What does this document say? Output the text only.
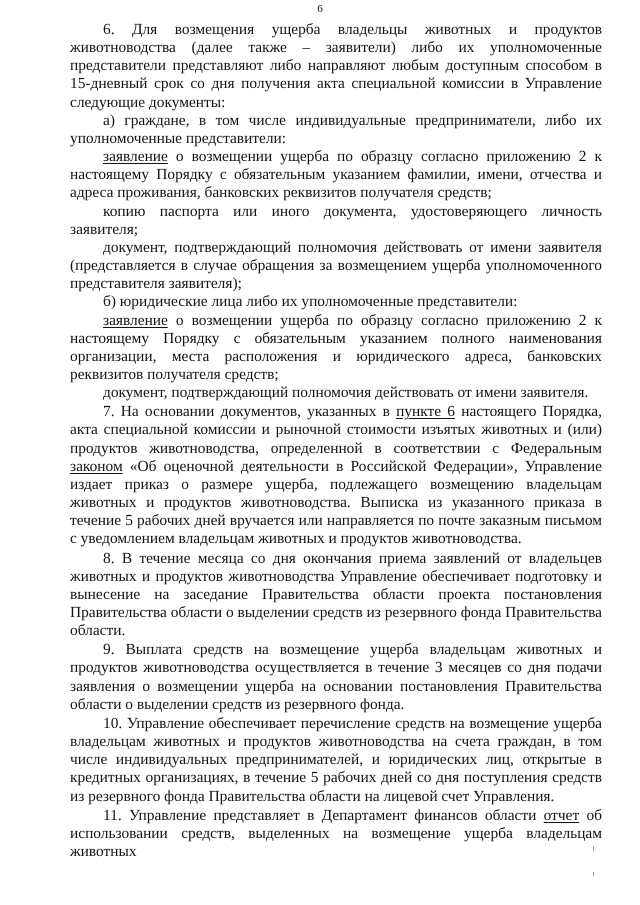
6

6. Для возмещения ущерба владельцы животных и продуктов животноводства (далее также – заявители) либо их уполномоченные представители представляют либо направляют любым доступным способом в 15-дневный срок со дня получения акта специальной комиссии в Управление следующие документы:

а) граждане, в том числе индивидуальные предприниматели, либо их уполномоченные представители:

заявление о возмещении ущерба по образцу согласно приложению 2 к настоящему Порядку с обязательным указанием фамилии, имени, отчества и адреса проживания, банковских реквизитов получателя средств;

копию паспорта или иного документа, удостоверяющего личность заявителя;

документ, подтверждающий полномочия действовать от имени заявителя (представляется в случае обращения за возмещением ущерба уполномоченного представителя заявителя);

б) юридические лица либо их уполномоченные представители:

заявление о возмещении ущерба по образцу согласно приложению 2 к настоящему Порядку с обязательным указанием полного наименования организации, места расположения и юридического адреса, банковских реквизитов получателя средств;

документ, подтверждающий полномочия действовать от имени заявителя.

7. На основании документов, указанных в пункте 6 настоящего Порядка, акта специальной комиссии и рыночной стоимости изъятых животных и (или) продуктов животноводства, определенной в соответствии с Федеральным законом «Об оценочной деятельности в Российской Федерации», Управление издает приказ о размере ущерба, подлежащего возмещению владельцам животных и продуктов животноводства. Выписка из указанного приказа в течение 5 рабочих дней вручается или направляется по почте заказным письмом с уведомлением владельцам животных и продуктов животноводства.

8. В течение месяца со дня окончания приема заявлений от владельцев животных и продуктов животноводства Управление обеспечивает подготовку и вынесение на заседание Правительства области проекта постановления Правительства области о выделении средств из резервного фонда Правительства области.

9. Выплата средств на возмещение ущерба владельцам животных и продуктов животноводства осуществляется в течение 3 месяцев со дня подачи заявления о возмещении ущерба на основании постановления Правительства области о выделении средств из резервного фонда.

10. Управление обеспечивает перечисление средств на возмещение ущерба владельцам животных и продуктов животноводства на счета граждан, в том числе индивидуальных предпринимателей, и юридических лиц, открытые в кредитных организациях, в течение 5 рабочих дней со дня поступления средств из резервного фонда Правительства области на лицевой счет Управления.

11. Управление представляет в Департамент финансов области отчет об использовании средств, выделенных на возмещение ущерба владельцам животных
